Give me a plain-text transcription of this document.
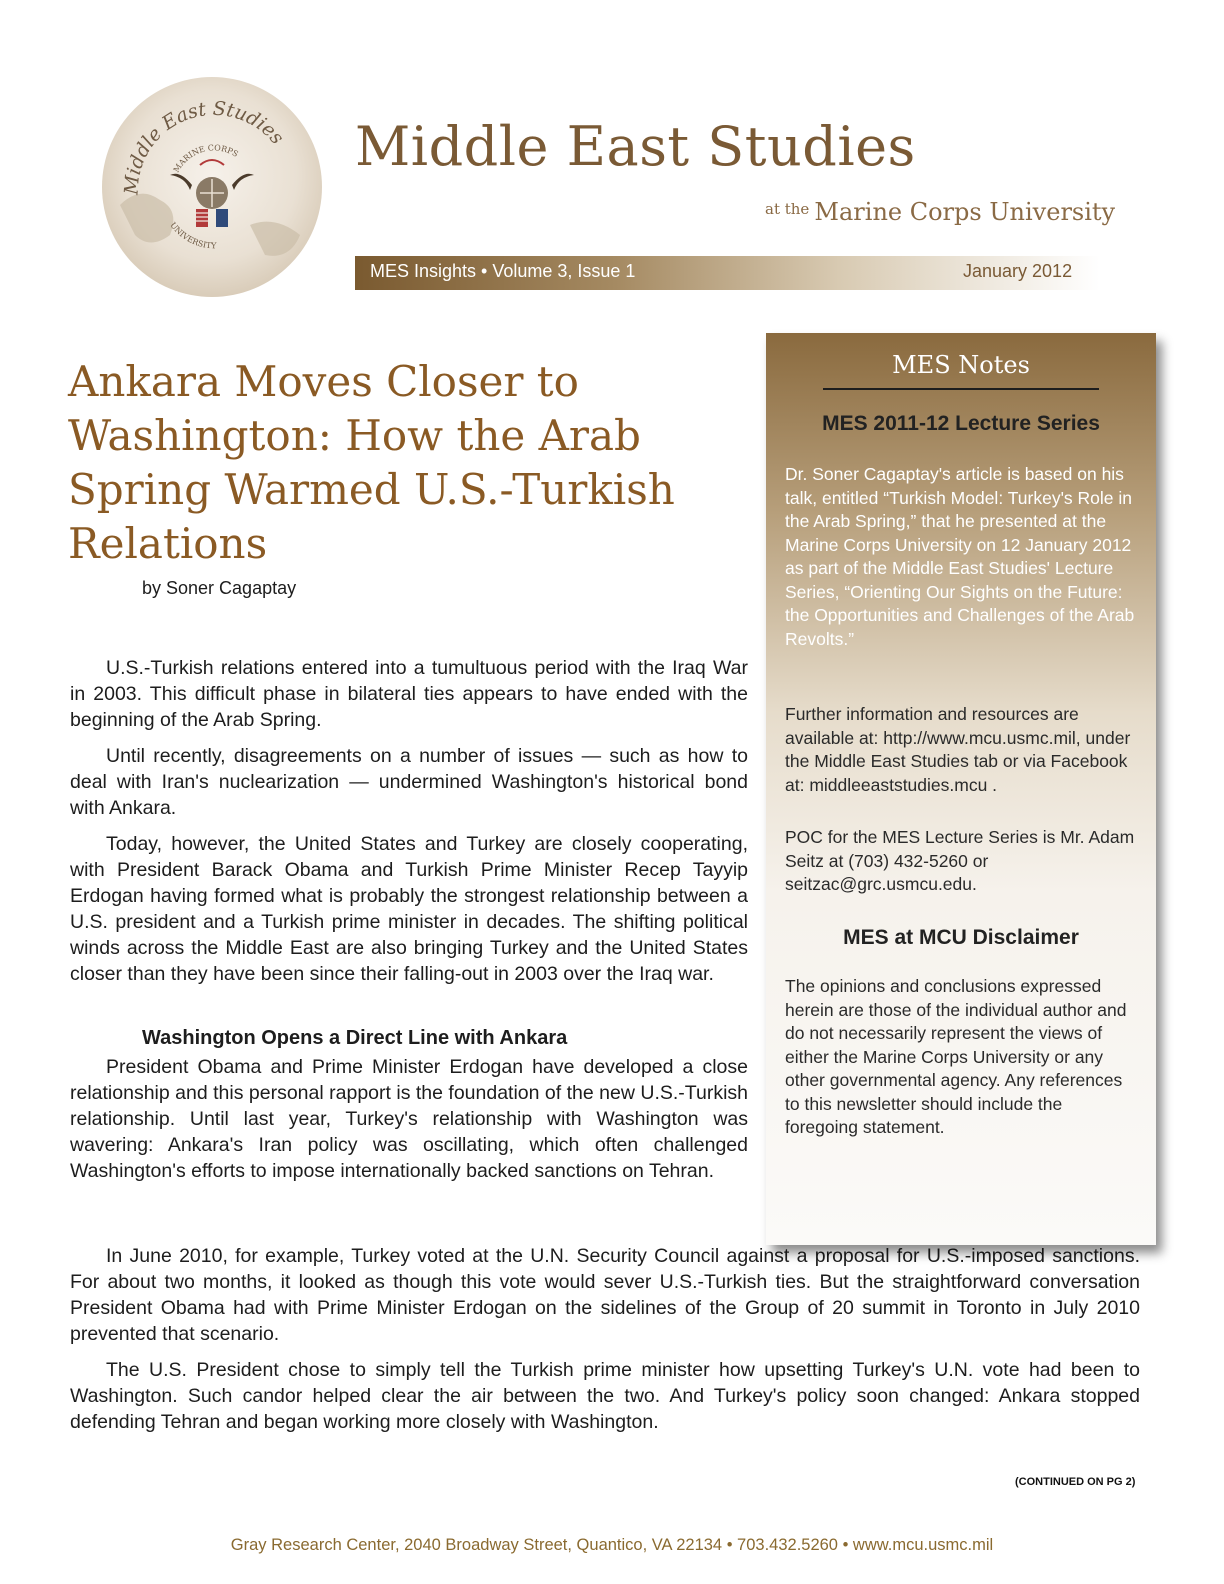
Middle East Studies
MARINE CORPS
UNIVERSITY
Middle East Studies
at the Marine Corps University
MES Insights • Volume 3, Issue 1	January 2012
Ankara Moves Closer to Washington: How the Arab Spring Warmed U.S.-Turkish Relations
by Soner Cagaptay

U.S.-Turkish relations entered into a tumultuous period with the Iraq War in 2003. This difficult phase in bilateral ties appears to have ended with the beginning of the Arab Spring.

Until recently, disagreements on a number of issues — such as how to deal with Iran's nuclearization — undermined Washington's historical bond with Ankara.

Today, however, the United States and Turkey are closely cooperating, with President Barack Obama and Turkish Prime Minister Recep Tayyip Erdogan having formed what is probably the strongest relationship between a U.S. president and a Turkish prime minister in decades. The shifting political winds across the Middle East are also bringing Turkey and the United States closer than they have been since their falling-out in 2003 over the Iraq war.

Washington Opens a Direct Line with Ankara

President Obama and Prime Minister Erdogan have developed a close relationship and this personal rapport is the foundation of the new U.S.-Turkish relationship. Until last year, Turkey's relationship with Washington was wavering: Ankara's Iran policy was oscillating, which often challenged Washington's efforts to impose internationally backed sanctions on Tehran.

In June 2010, for example, Turkey voted at the U.N. Security Council against a proposal for U.S.-imposed sanctions. For about two months, it looked as though this vote would sever U.S.-Turkish ties. But the straightforward conversation President Obama had with Prime Minister Erdogan on the sidelines of the Group of 20 summit in Toronto in July 2010 prevented that scenario.

The U.S. President chose to simply tell the Turkish prime minister how upsetting Turkey's U.N. vote had been to Washington. Such candor helped clear the air between the two. And Turkey's policy soon changed: Ankara stopped defending Tehran and began working more closely with Washington.

MES Notes
MES 2011-12 Lecture Series

Dr. Soner Cagaptay's article is based on his talk, entitled “Turkish Model: Turkey's Role in the Arab Spring,” that he presented at the Marine Corps University on 12 January 2012 as part of the Middle East Studies' Lecture Series, “Orienting Our Sights on the Future: the Opportunities and Challenges of the Arab Revolts.”

Further information and resources are available at: http://www.mcu.usmc.mil, under the Middle East Studies tab or via Facebook at: middleeaststudies.mcu .

POC for the MES Lecture Series is Mr. Adam Seitz at (703) 432-5260 or seitzac@grc.usmcu.edu.

MES at MCU Disclaimer

The opinions and conclusions expressed herein are those of the individual author and do not necessarily represent the views of either the Marine Corps University or any other governmental agency. Any references to this newsletter should include the foregoing statement.

(CONTINUED ON PG 2)
Gray Research Center, 2040 Broadway Street, Quantico, VA 22134 • 703.432.5260 • www.mcu.usmc.mil
